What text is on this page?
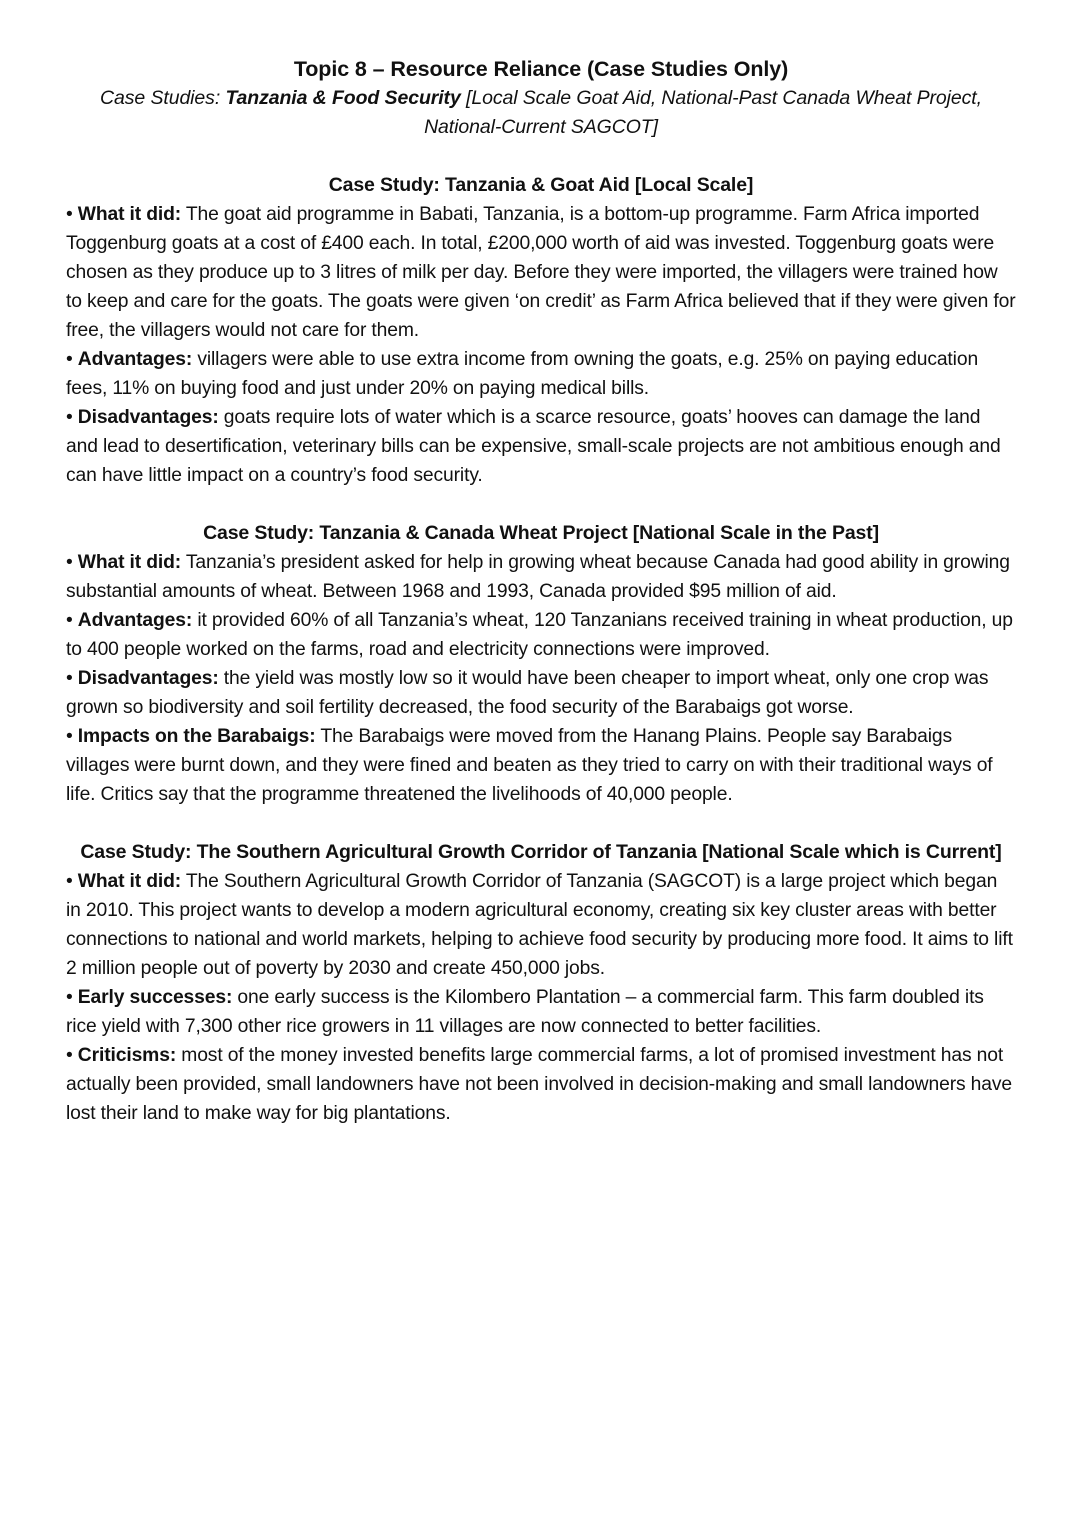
Topic 8 – Resource Reliance (Case Studies Only)

Case Studies: Tanzania & Food Security [Local Scale Goat Aid, National-Past Canada Wheat Project, National-Current SAGCOT]

Case Study: Tanzania & Goat Aid [Local Scale]

• What it did: The goat aid programme in Babati, Tanzania, is a bottom-up programme. Farm Africa imported Toggenburg goats at a cost of £400 each. In total, £200,000 worth of aid was invested. Toggenburg goats were chosen as they produce up to 3 litres of milk per day. Before they were imported, the villagers were trained how to keep and care for the goats. The goats were given ‘on credit’ as Farm Africa believed that if they were given for free, the villagers would not care for them.

• Advantages: villagers were able to use extra income from owning the goats, e.g. 25% on paying education fees, 11% on buying food and just under 20% on paying medical bills.

• Disadvantages: goats require lots of water which is a scarce resource, goats’ hooves can damage the land and lead to desertification, veterinary bills can be expensive, small-scale projects are not ambitious enough and can have little impact on a country’s food security.

Case Study: Tanzania & Canada Wheat Project [National Scale in the Past]

• What it did: Tanzania’s president asked for help in growing wheat because Canada had good ability in growing substantial amounts of wheat. Between 1968 and 1993, Canada provided $95 million of aid.

• Advantages: it provided 60% of all Tanzania’s wheat, 120 Tanzanians received training in wheat production, up to 400 people worked on the farms, road and electricity connections were improved.

• Disadvantages: the yield was mostly low so it would have been cheaper to import wheat, only one crop was grown so biodiversity and soil fertility decreased, the food security of the Barabaigs got worse.

• Impacts on the Barabaigs: The Barabaigs were moved from the Hanang Plains. People say Barabaigs villages were burnt down, and they were fined and beaten as they tried to carry on with their traditional ways of life. Critics say that the programme threatened the livelihoods of 40,000 people.

Case Study: The Southern Agricultural Growth Corridor of Tanzania [National Scale which is Current]

• What it did: The Southern Agricultural Growth Corridor of Tanzania (SAGCOT) is a large project which began in 2010. This project wants to develop a modern agricultural economy, creating six key cluster areas with better connections to national and world markets, helping to achieve food security by producing more food. It aims to lift 2 million people out of poverty by 2030 and create 450,000 jobs.

• Early successes: one early success is the Kilombero Plantation – a commercial farm. This farm doubled its rice yield with 7,300 other rice growers in 11 villages are now connected to better facilities.

• Criticisms: most of the money invested benefits large commercial farms, a lot of promised investment has not actually been provided, small landowners have not been involved in decision-making and small landowners have lost their land to make way for big plantations.
